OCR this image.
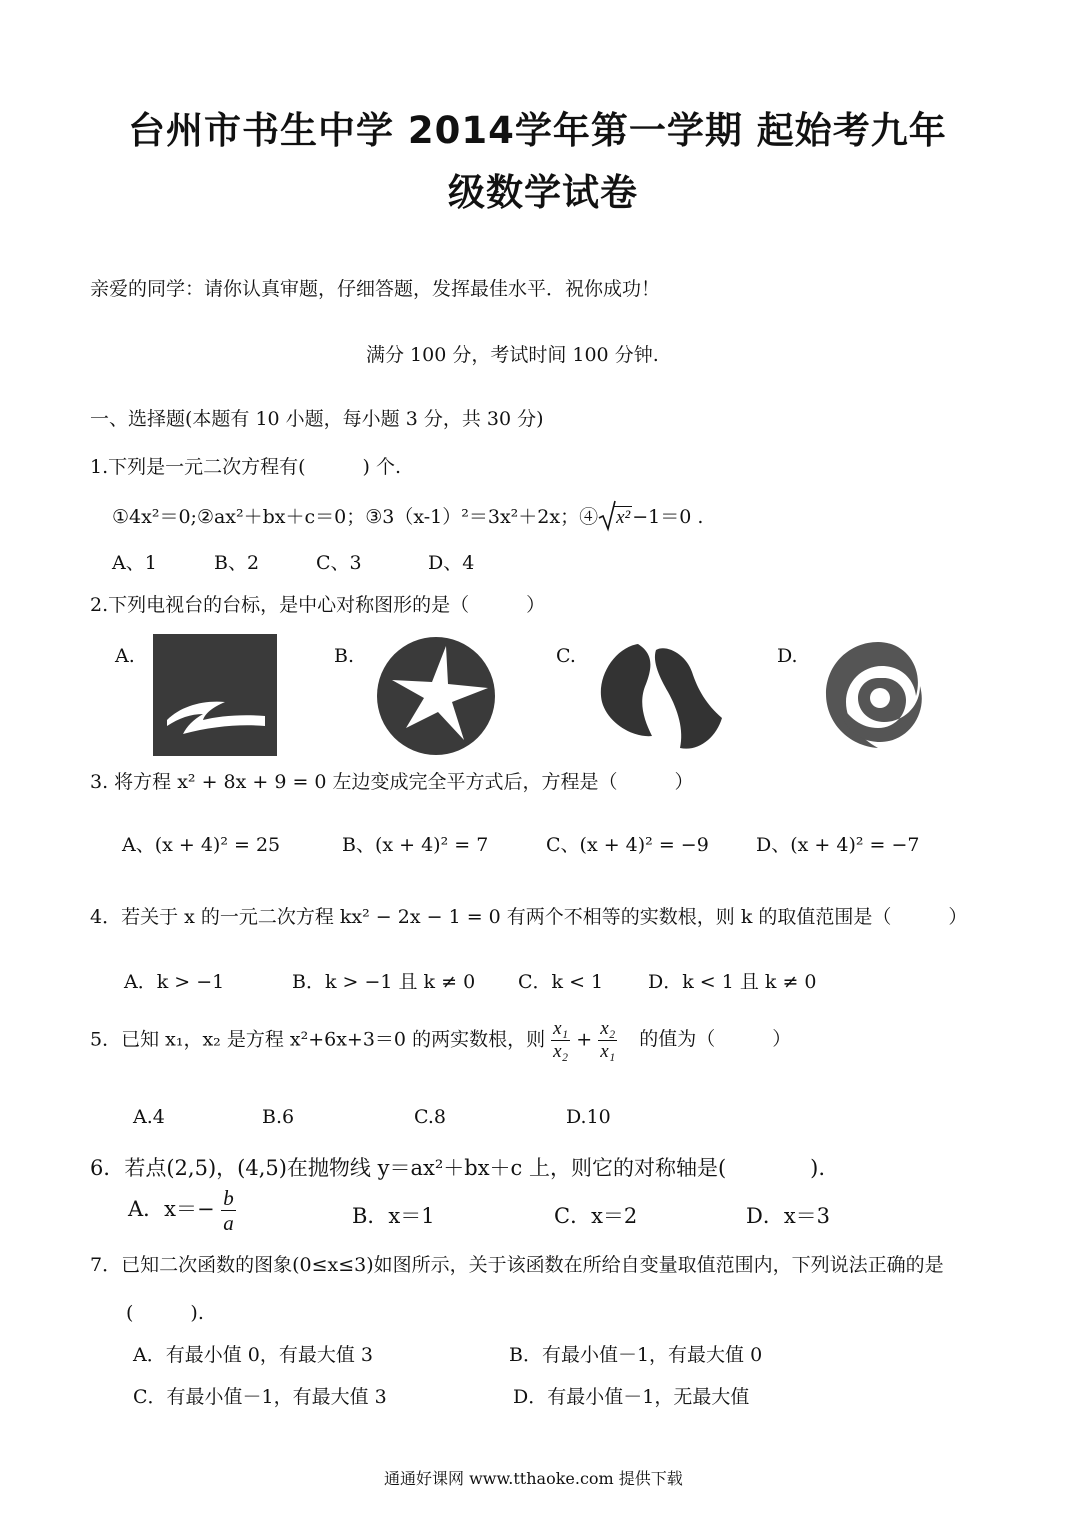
台州市书生中学 2014学年第一学期 起始考九年
级数学试卷
亲爱的同学：请你认真审题，仔细答题，发挥最佳水平．祝你成功！
满分 100 分，考试时间 100 分钟.
一、选择题(本题有 10 小题，每小题 3 分，共 30 分)
1.下列是一元二次方程有(　　　) 个.
①4x²＝0;②ax²＋bx＋c＝0；③3（x-1）²＝3x²＋2x；④ x² −1＝0 .
A、1	B、2	C、3	D、4
2.下列电视台的台标，是中心对称图形的是（　　　）
A.	B.	C.	D.
3. 将方程 x² + 8x + 9 = 0 左边变成完全平方式后，方程是（　　　）
A、(x + 4)² = 25	B、(x + 4)² = 7	C、(x + 4)² = −9 D、(x + 4)² = −7
4．若关于 x 的一元二次方程 kx² − 2x − 1 = 0 有两个不相等的实数根，则 k 的取值范围是（　　　）
A．k > −1	B．k > −1 且 k ≠ 0 C．k < 1 D．k < 1 且 k ≠ 0
5．已知 x₁，x₂ 是方程 x²+6x+3＝0 的两实数根，则 $\frac{\text{x₁}}{\text{x₂}} + \frac{\text{x₂}}{\text{x₁}}$ 的值为（　　　）
A.4	B.6	C.8	D.10
6．若点(2,5)，(4,5)在抛物线 y＝ax²＋bx＋c 上，则它的对称轴是(　　　　).
A．$x=- \frac{b}{a}$	B．x＝1	C．x＝2	D．x＝3
7．已知二次函数的图象(0≤x≤3)如图所示，关于该函数在所给自变量取值范围内，下列说法正确的是
(　　　).
A．有最小值 0，有最大值 3	B．有最小值－1，有最大值 0
C．有最小值－1，有最大值 3	D．有最小值－1，无最大值
通通好课网 www.tthaoke.com 提供下载
